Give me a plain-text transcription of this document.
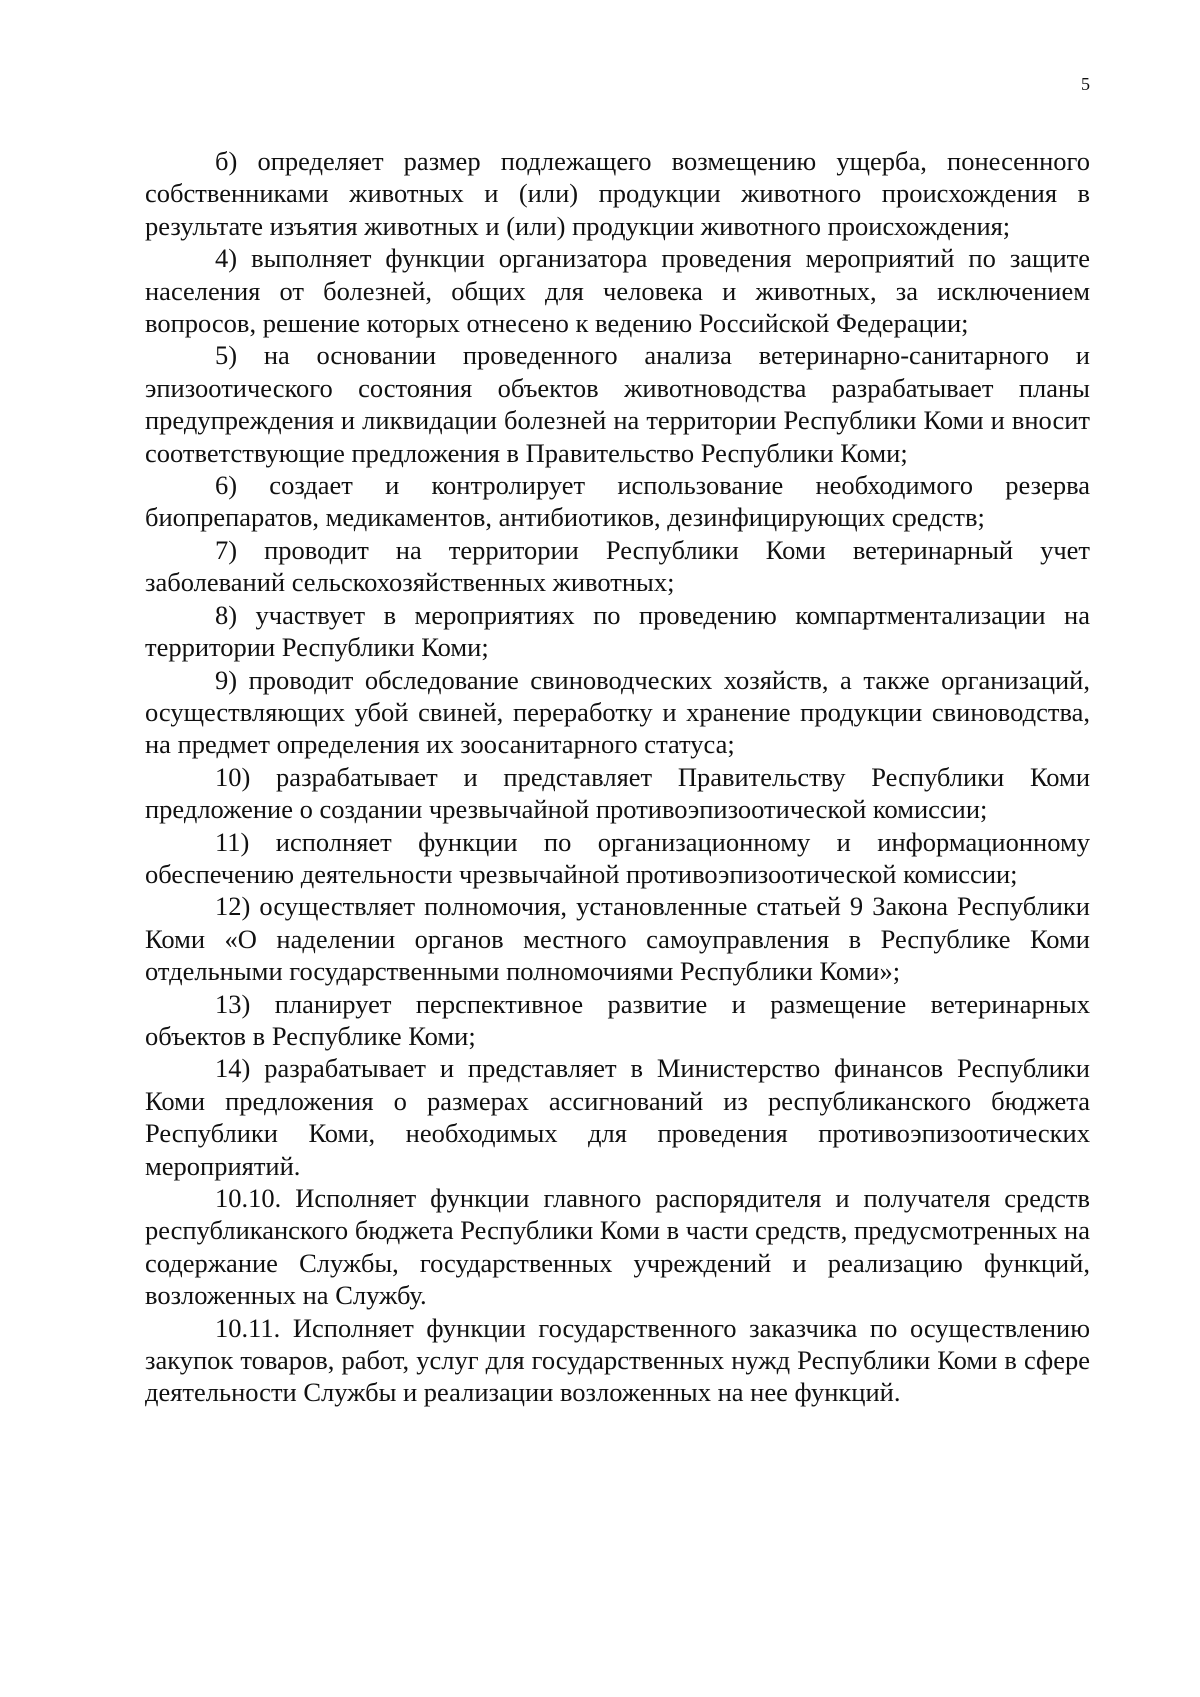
5

б) определяет размер подлежащего возмещению ущерба, понесенного собственниками животных и (или) продукции животного происхождения в результате изъятия животных и (или) продукции животного происхождения;

4) выполняет функции организатора проведения мероприятий по защите населения от болезней, общих для человека и животных, за исключением вопросов, решение которых отнесено к ведению Российской Федерации;

5) на основании проведенного анализа ветеринарно-санитарного и эпизоотического состояния объектов животноводства разрабатывает планы предупреждения и ликвидации болезней на территории Республики Коми и вносит соответствующие предложения в Правительство Республики Коми;

6) создает и контролирует использование необходимого резерва биопрепаратов, медикаментов, антибиотиков, дезинфицирующих средств;

7) проводит на территории Республики Коми ветеринарный учет заболеваний сельскохозяйственных животных;

8) участвует в мероприятиях по проведению компартментализации на территории Республики Коми;

9) проводит обследование свиноводческих хозяйств, а также организаций, осуществляющих убой свиней, переработку и хранение продукции свиноводства, на предмет определения их зоосанитарного статуса;

10) разрабатывает и представляет Правительству Республики Коми предложение о создании чрезвычайной противоэпизоотической комиссии;

11) исполняет функции по организационному и информационному обеспечению деятельности чрезвычайной противоэпизоотической комиссии;

12) осуществляет полномочия, установленные статьей 9 Закона Республики Коми «О наделении органов местного самоуправления в Республике Коми отдельными государственными полномочиями Республики Коми»;

13) планирует перспективное развитие и размещение ветеринарных объектов в Республике Коми;

14) разрабатывает и представляет в Министерство финансов Республики Коми предложения о размерах ассигнований из республиканского бюджета Республики Коми, необходимых для проведения противоэпизоотических мероприятий.

10.10. Исполняет функции главного распорядителя и получателя средств республиканского бюджета Республики Коми в части средств, предусмотренных на содержание Службы, государственных учреждений и реализацию функций, возложенных на Службу.

10.11. Исполняет функции государственного заказчика по осуществлению закупок товаров, работ, услуг для государственных нужд Республики Коми в сфере деятельности Службы и реализации возложенных на нее функций.
